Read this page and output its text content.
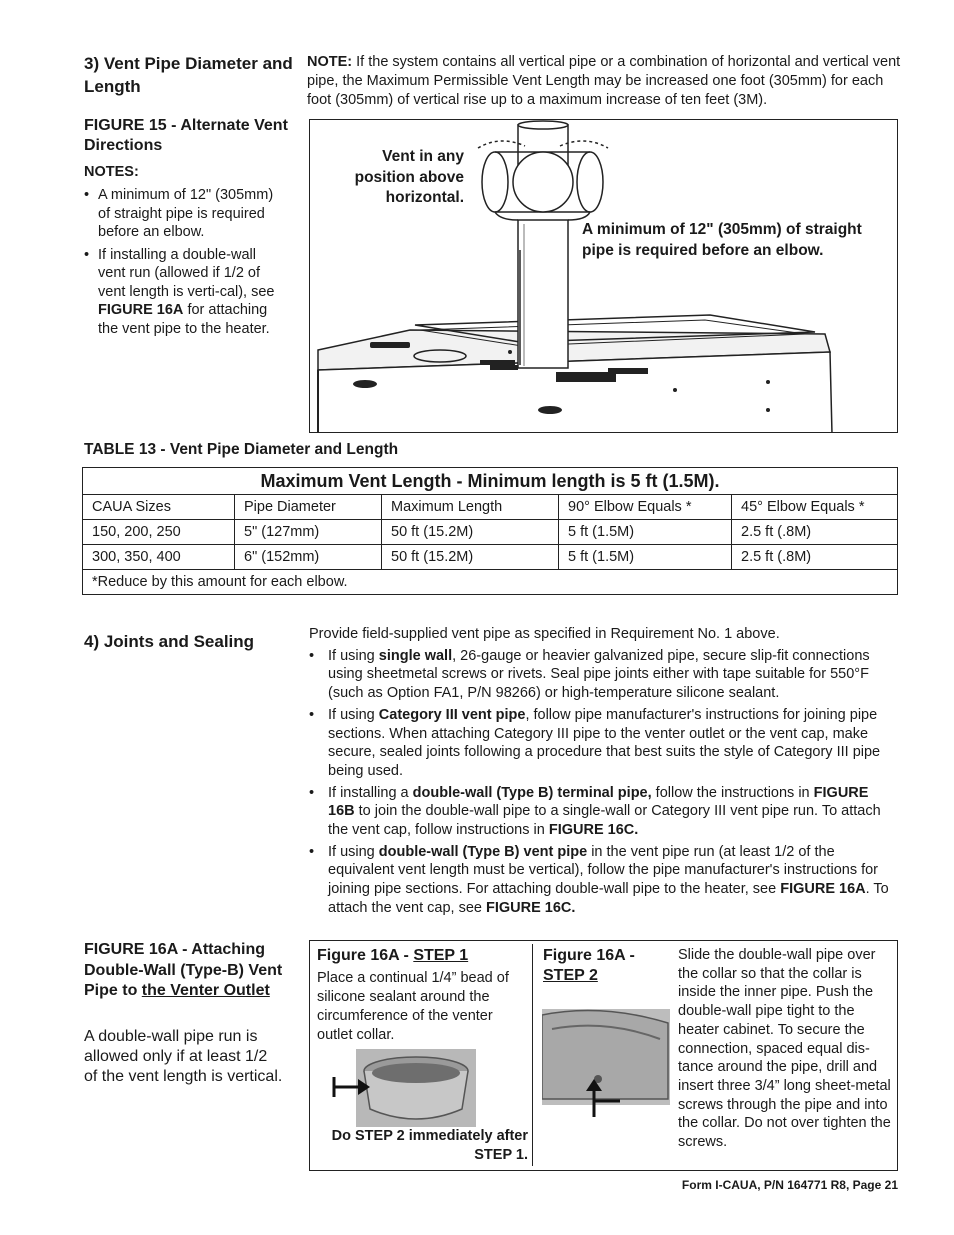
3) Vent Pipe Diameter and Length
NOTE: If the system contains all vertical pipe or a combination of horizontal and vertical vent pipe, the Maximum Permissible Vent Length may be increased one foot (305mm) for each foot (305mm) of vertical rise up to a maximum increase of ten feet (3M).
FIGURE 15 - Alternate Vent Directions
NOTES:
• A minimum of 12" (305mm) of straight pipe is required before an elbow.
• If installing a double-wall vent run (allowed if 1/2 of vent length is verti-cal), see FIGURE 16A for attaching the vent pipe to the heater.
Vent in any position above horizontal.
A minimum of 12" (305mm) of straight pipe is required before an elbow.
TABLE 13 - Vent Pipe Diameter and Length
Maximum Vent Length - Minimum length is 5 ft (1.5M).				
CAUA Sizes	Pipe Diameter	Maximum Length	90° Elbow Equals *	45° Elbow Equals *
150, 200, 250	5" (127mm)	50 ft (15.2M)	5 ft (1.5M)	2.5 ft (.8M)
300, 350, 400	6" (152mm)	50 ft (15.2M)	5 ft (1.5M)	2.5 ft (.8M)
*Reduce by this amount for each elbow.				
4) Joints and Sealing	Provide field-supplied vent pipe as specified in Requirement No. 1 above.
• If using single wall, 26-gauge or heavier galvanized pipe, secure slip-fit connections using sheetmetal screws or rivets. Seal pipe joints either with tape suitable for 550°F (such as Option FA1, P/N 98266) or high-temperature silicone sealant.
• If using Category III vent pipe, follow pipe manufacturer's instructions for joining pipe sections. When attaching Category III pipe to the venter outlet or the vent cap, make secure, sealed joints following a procedure that best suits the style of Category III pipe being used.
• If installing a double-wall (Type B) terminal pipe, follow the instructions in FIGURE 16B to join the double-wall pipe to a single-wall or Category III vent pipe run. To attach the vent cap, follow instructions in FIGURE 16C.
• If using double-wall (Type B) vent pipe in the vent pipe run (at least 1/2 of the equivalent vent length must be vertical), follow the pipe manufacturer's instructions for joining pipe sections. For attaching double-wall pipe to the heater, see FIGURE 16A. To attach the vent cap, see FIGURE 16C.
FIGURE 16A - Attaching Double-Wall (Type-B) Vent Pipe to the Venter Outlet
A double-wall pipe run is allowed only if at least 1/2 of the vent length is vertical.
Figure 16A - STEP 1
Place a continual 1/4” bead of silicone sealant around the circumference of the venter outlet collar.
Do STEP 2 immediately after STEP 1.
Figure 16A - STEP 2
Slide the double-wall pipe over the collar so that the collar is inside the inner pipe. Push the double-wall pipe tight to the heater cabinet. To secure the connection, spaced equal dis-tance around the pipe, drill and insert three 3/4” long sheet-metal screws through the pipe and into the collar. Do not over tighten the screws.
Form I-CAUA, P/N 164771 R8, Page 21
